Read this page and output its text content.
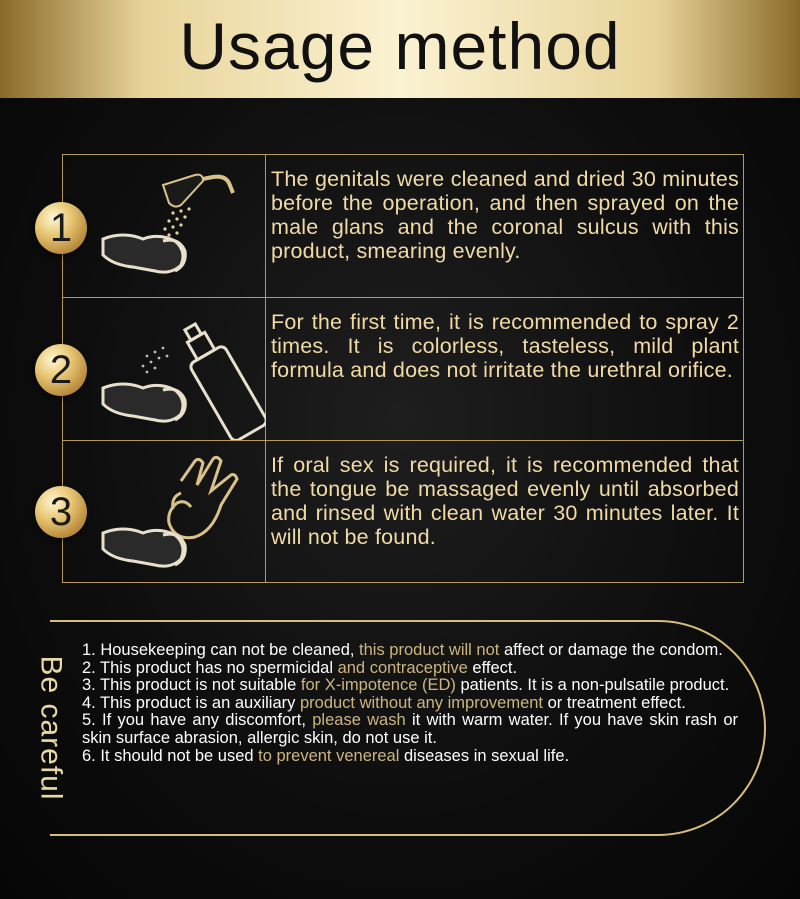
Usage method
The genitals were cleaned and dried 30 minutes before the operation, and then sprayed on the male glans and the coronal sulcus with this product, smearing evenly.
For the first time, it is recommended to spray 2 times. It is colorless, tasteless, mild plant formula and does not irritate the urethral orifice.
If oral sex is required, it is recommended that the tongue be massaged evenly until absorbed and rinsed with clean water 30 minutes later. It will not be found.
1
2
3
Be careful

1. Housekeeping can not be cleaned, this product will not affect or damage the condom.

2. This product has no spermicidal and contraceptive effect.

3. This product is not suitable for X-impotence (ED) patients. It is a non-pulsatile product.

4. This product is an auxiliary product without any improvement or treatment effect.

5. If you have any discomfort, please wash it with warm water. If you have skin rash or skin surface abrasion, allergic skin, do not use it.

6. It should not be used to prevent venereal diseases in sexual life.
